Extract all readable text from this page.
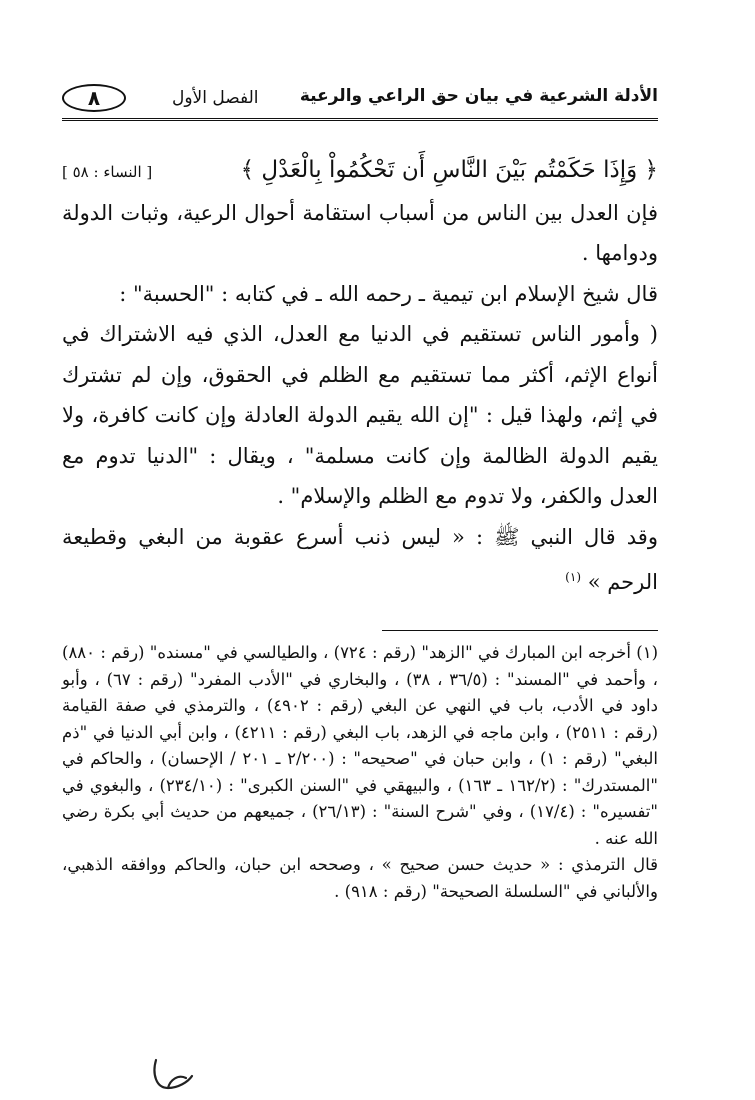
الأدلة الشرعية في بيان حق الراعي والرعية
الفصل الأول
٨
﴿ وَإِذَا حَكَمْتُم بَيْنَ النَّاسِ أَن تَحْكُمُواْ بِالْعَدْلِ ﴾
[ النساء : ٥٨ ]

فإن العدل بين الناس من أسباب استقامة أحوال الرعية، وثبات الدولة ودوامها .

قال شيخ الإسلام ابن تيمية ـ رحمه الله ـ في كتابه : "الحسبة" :

( وأمور الناس تستقيم في الدنيا مع العدل، الذي فيه الاشتراك في أنواع الإثم، أكثر مما تستقيم مع الظلم في الحقوق، وإن لم تشترك في إثم، ولهذا قيل : "إن الله يقيم الدولة العادلة وإن كانت كافرة، ولا يقيم الدولة الظالمة وإن كانت مسلمة" ، ويقال : "الدنيا تدوم مع العدل والكفر، ولا تدوم مع الظلم والإسلام" .

وقد قال النبي ﷺ : « ليس ذنب أسرع عقوبة من البغي وقطيعة الرحم » $^{(١)}$

(١) أخرجه ابن المبارك في "الزهد" (رقم : ٧٢٤) ، والطيالسي في "مسنده" (رقم : ٨٨٠) ، وأحمد في "المسند" : (٣٦/٥ ، ٣٨) ، والبخاري في "الأدب المفرد" (رقم : ٦٧) ، وأبو داود في الأدب، باب في النهي عن البغي (رقم : ٤٩٠٢) ، والترمذي في صفة القيامة (رقم : ٢٥١١) ، وابن ماجه في الزهد، باب البغي (رقم : ٤٢١١) ، وابن أبي الدنيا في "ذم البغي" (رقم : ١) ، وابن حبان في "صحيحه" : (٢/٢٠٠ ـ ٢٠١ / الإحسان) ، والحاكم في "المستدرك" : (١٦٢/٢ ـ ١٦٣) ، والبيهقي في "السنن الكبرى" : (٢٣٤/١٠) ، والبغوي في "تفسيره" : (١٧/٤) ، وفي "شرح السنة" : (٢٦/١٣) ، جميعهم من حديث أبي بكرة رضي الله عنه .

قال الترمذي : « حديث حسن صحيح » ، وصححه ابن حبان، والحاكم ووافقه الذهبي، والألباني في "السلسلة الصحيحة" (رقم : ٩١٨) .
